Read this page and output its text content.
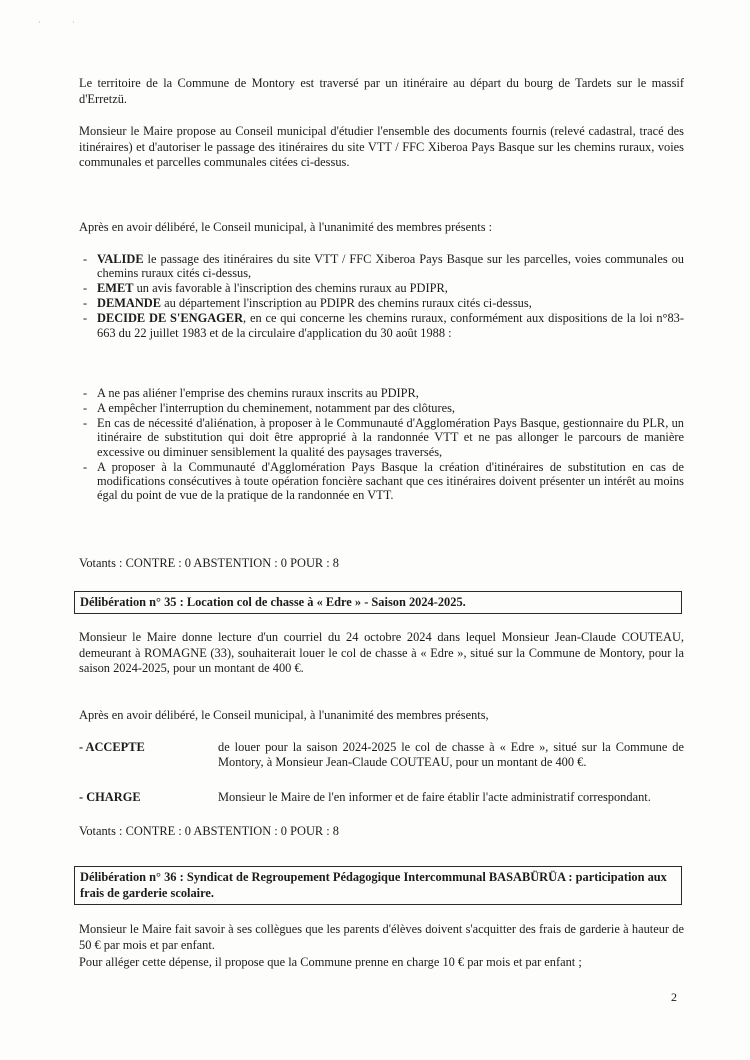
·	·

Le territoire de la Commune de Montory est traversé par un itinéraire au départ du bourg de Tardets sur le massif d'Erretzü.

Monsieur le Maire propose au Conseil municipal d'étudier l'ensemble des documents fournis (relevé cadastral, tracé des itinéraires) et d'autoriser le passage des itinéraires du site VTT / FFC Xiberoa Pays Basque sur les chemins ruraux, voies communales et parcelles communales citées ci-dessus.

Après en avoir délibéré, le Conseil municipal, à l'unanimité des membres présents :

- VALIDE le passage des itinéraires du site VTT / FFC Xiberoa Pays Basque sur les parcelles, voies communales ou chemins ruraux cités ci-dessus,
- EMET un avis favorable à l'inscription des chemins ruraux au PDIPR,
- DEMANDE au département l'inscription au PDIPR des chemins ruraux cités ci-dessus,
- DECIDE DE S'ENGAGER, en ce qui concerne les chemins ruraux, conformément aux dispositions de la loi n°83-663 du 22 juillet 1983 et de la circulaire d'application du 30 août 1988 :
- A ne pas aliéner l'emprise des chemins ruraux inscrits au PDIPR,
- A empêcher l'interruption du cheminement, notamment par des clôtures,
- En cas de nécessité d'aliénation, à proposer à le Communauté d'Agglomération Pays Basque, gestionnaire du PLR, un itinéraire de substitution qui doit être approprié à la randonnée VTT et ne pas allonger le parcours de manière excessive ou diminuer sensiblement la qualité des paysages traversés,
- A proposer à la Communauté d'Agglomération Pays Basque la création d'itinéraires de substitution en cas de modifications consécutives à toute opération foncière sachant que ces itinéraires doivent présenter un intérêt au moins égal du point de vue de la pratique de la randonnée en VTT.

Votants : CONTRE : 0 ABSTENTION : 0 POUR : 8

Délibération n° 35 : Location col de chasse à « Edre » - Saison 2024-2025.

Monsieur le Maire donne lecture d'un courriel du 24 octobre 2024 dans lequel Monsieur Jean-Claude COUTEAU, demeurant à ROMAGNE (33), souhaiterait louer le col de chasse à « Edre », situé sur la Commune de Montory, pour la saison 2024-2025, pour un montant de 400 €.

Après en avoir délibéré, le Conseil municipal, à l'unanimité des membres présents,

- ACCEPTE	de louer pour la saison 2024-2025 le col de chasse à « Edre », situé sur la Commune de Montory, à Monsieur Jean-Claude COUTEAU, pour un montant de 400 €.
- CHARGE	Monsieur le Maire de l'en informer et de faire établir l'acte administratif correspondant.

Votants : CONTRE : 0 ABSTENTION : 0 POUR : 8

Délibération n° 36 : Syndicat de Regroupement Pédagogique Intercommunal BASABÜRÜA : participation aux frais de garderie scolaire.

Monsieur le Maire fait savoir à ses collègues que les parents d'élèves doivent s'acquitter des frais de garderie à hauteur de 50 € par mois et par enfant.

Pour alléger cette dépense, il propose que la Commune prenne en charge 10 € par mois et par enfant ;

2
